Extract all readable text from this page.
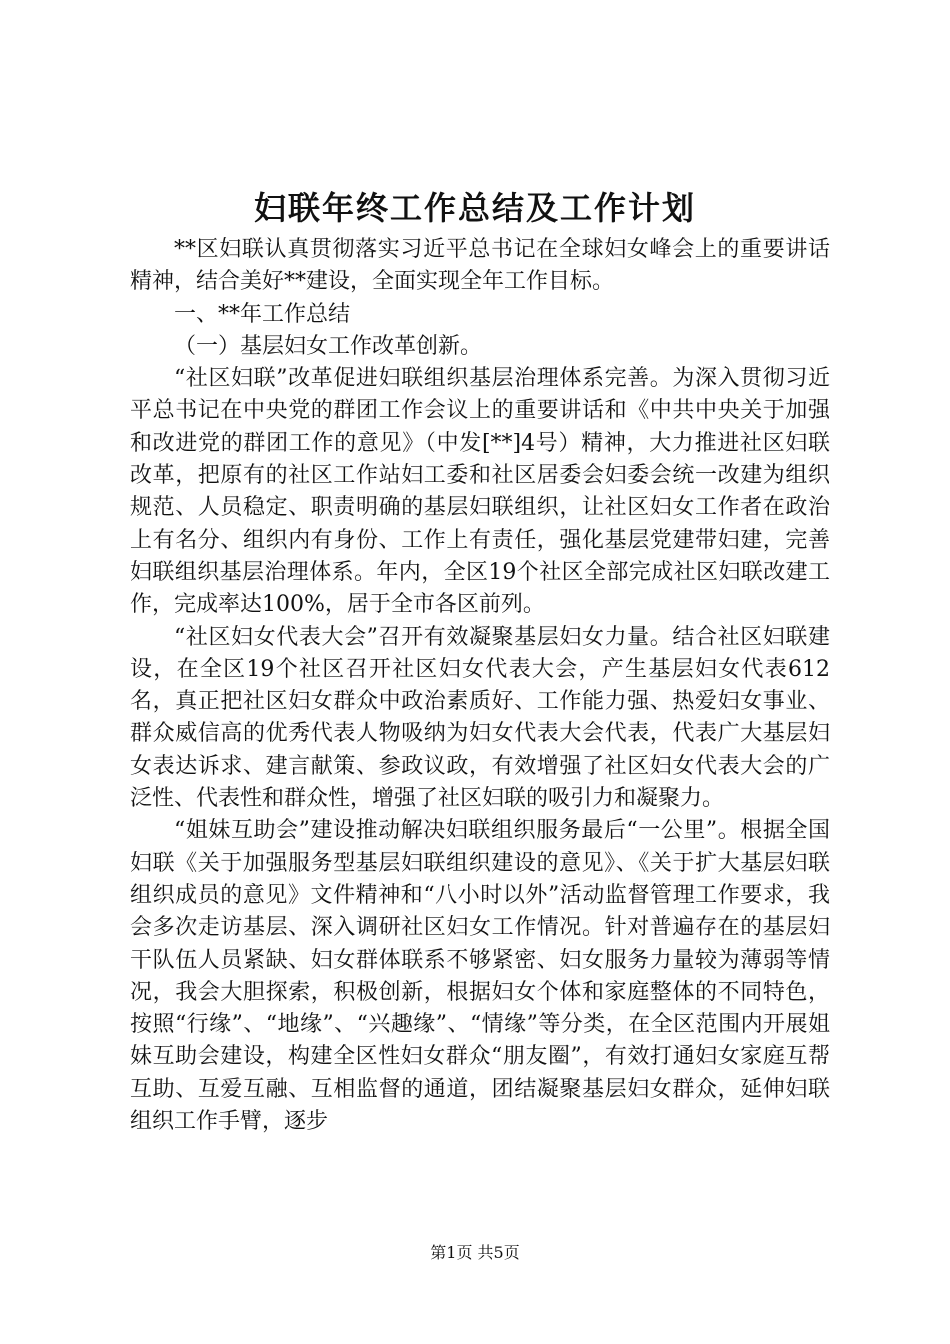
妇联年终工作总结及工作计划

**区妇联认真贯彻落实习近平总书记在全球妇女峰会上的重要讲话精神，结合美好**建设，全面实现全年工作目标。

一、**年工作总结

（一）基层妇女工作改革创新。

“社区妇联”改革促进妇联组织基层治理体系完善。为深入贯彻习近平总书记在中央党的群团工作会议上的重要讲话和《中共中央关于加强和改进党的群团工作的意见》（中发[**]4号）精神，大力推进社区妇联改革，把原有的社区工作站妇工委和社区居委会妇委会统一改建为组织规范、人员稳定、职责明确的基层妇联组织，让社区妇女工作者在政治上有名分、组织内有身份、工作上有责任，强化基层党建带妇建，完善妇联组织基层治理体系。年内，全区19个社区全部完成社区妇联改建工作，完成率达100%，居于全市各区前列。

“社区妇女代表大会”召开有效凝聚基层妇女力量。结合社区妇联建设，在全区19个社区召开社区妇女代表大会，产生基层妇女代表612名，真正把社区妇女群众中政治素质好、工作能力强、热爱妇女事业、群众威信高的优秀代表人物吸纳为妇女代表大会代表，代表广大基层妇女表达诉求、建言献策、参政议政，有效增强了社区妇女代表大会的广泛性、代表性和群众性，增强了社区妇联的吸引力和凝聚力。

“姐妹互助会”建设推动解决妇联组织服务最后“一公里”。根据全国妇联《关于加强服务型基层妇联组织建设的意见》、《关于扩大基层妇联组织成员的意见》文件精神和“八小时以外”活动监督管理工作要求，我会多次走访基层、深入调研社区妇女工作情况。针对普遍存在的基层妇干队伍人员紧缺、妇女群体联系不够紧密、妇女服务力量较为薄弱等情况，我会大胆探索，积极创新，根据妇女个体和家庭整体的不同特色，按照“行缘”、“地缘”、“兴趣缘”、“情缘”等分类，在全区范围内开展姐妹互助会建设，构建全区性妇女群众“朋友圈”，有效打通妇女家庭互帮互助、互爱互融、互相监督的通道，团结凝聚基层妇女群众，延伸妇联组织工作手臂，逐步

第1页 共5页
